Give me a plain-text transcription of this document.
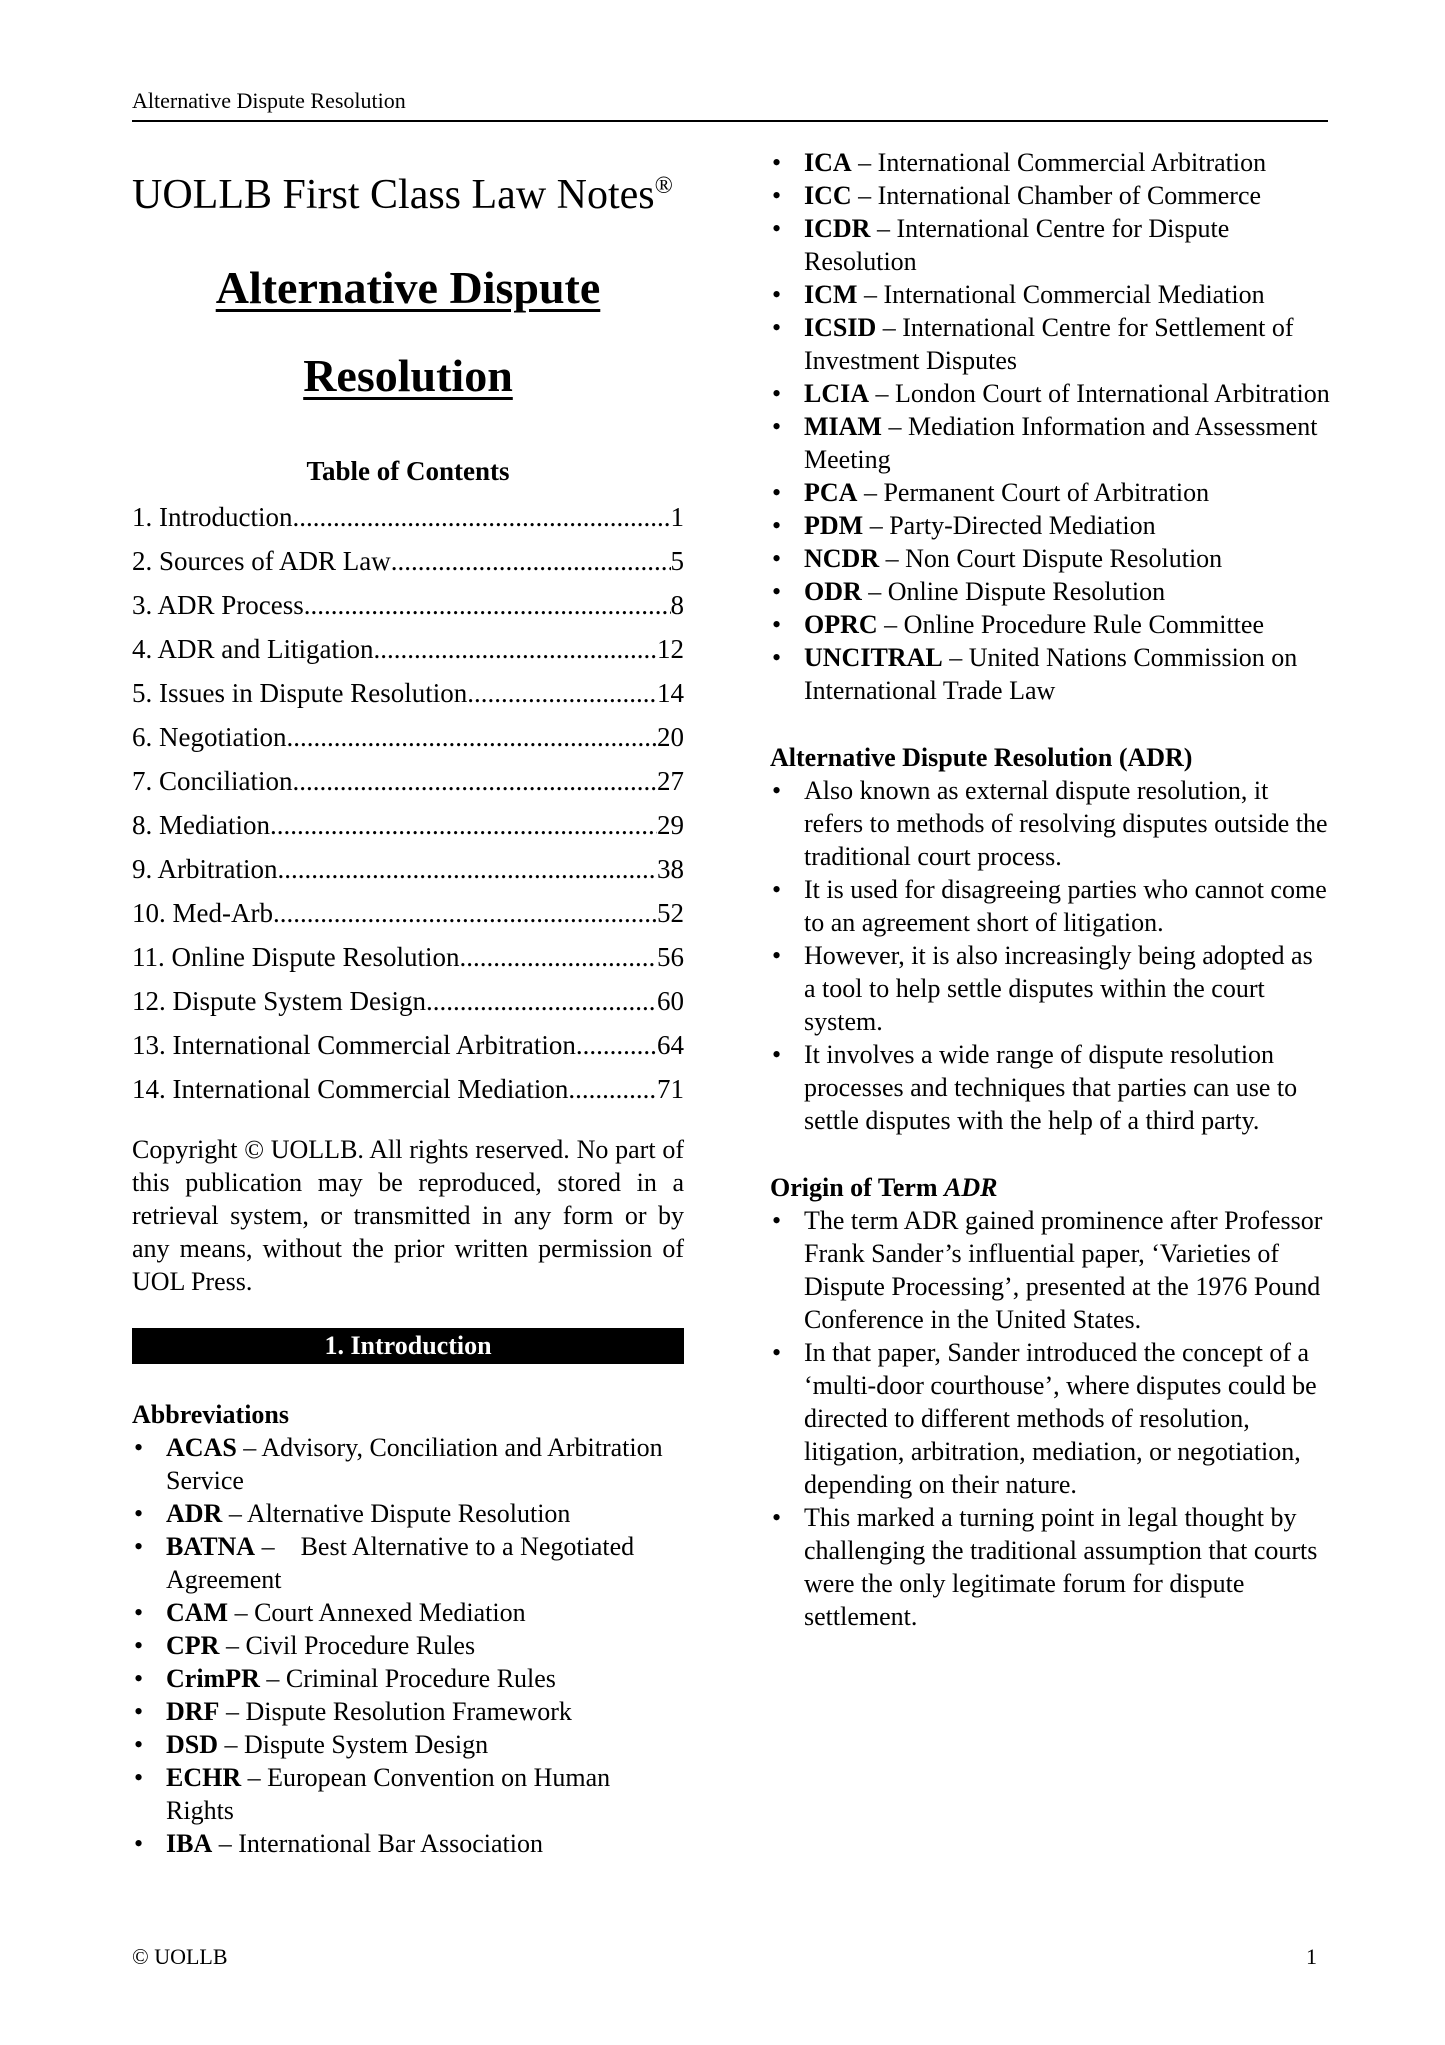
Alternative Dispute Resolution
UOLLB First Class Law Notes®
Alternative Dispute
Resolution
Table of Contents
1. Introduction .....	1
2. Sources of ADR Law .....	5
3. ADR Process .....	8
4. ADR and Litigation .....	12
5. Issues in Dispute Resolution .....	14
6. Negotiation .....	20
7. Conciliation .....	27
8. Mediation .....	29
9. Arbitration .....	38
10. Med-Arb .....	52
11. Online Dispute Resolution .....	56
12. Dispute System Design .....	60
13. International Commercial Arbitration .....	64
14. International Commercial Mediation .....	71
Copyright © UOLLB. All rights reserved. No part of this publication may be reproduced, stored in a retrieval system, or transmitted in any form or by any means, without the prior written permission of UOL Press.
1. Introduction
Abbreviations
• ACAS – Advisory, Conciliation and Arbitration Service
• ADR – Alternative Dispute Resolution
• BATNA –    Best Alternative to a Negotiated Agreement
• CAM – Court Annexed Mediation
• CPR – Civil Procedure Rules
• CrimPR – Criminal Procedure Rules
• DRF – Dispute Resolution Framework
• DSD – Dispute System Design
• ECHR – European Convention on Human Rights
• IBA – International Bar Association
• ICA – International Commercial Arbitration
• ICC – International Chamber of Commerce
• ICDR – International Centre for Dispute Resolution
• ICM – International Commercial Mediation
• ICSID – International Centre for Settlement of Investment Disputes
• LCIA – London Court of International Arbitration
• MIAM – Mediation Information and Assessment Meeting
• PCA – Permanent Court of Arbitration
• PDM – Party-Directed Mediation
• NCDR – Non Court Dispute Resolution
• ODR – Online Dispute Resolution
• OPRC – Online Procedure Rule Committee
• UNCITRAL – United Nations Commission on International Trade Law
Alternative Dispute Resolution (ADR)
• Also known as external dispute resolution, it refers to methods of resolving disputes outside the traditional court process.
• It is used for disagreeing parties who cannot come to an agreement short of litigation.
• However, it is also increasingly being adopted as a tool to help settle disputes within the court system.
• It involves a wide range of dispute resolution processes and techniques that parties can use to settle disputes with the help of a third party.
Origin of Term ADR
• The term ADR gained prominence after Professor Frank Sander’s influential paper, ‘Varieties of Dispute Processing’, presented at the 1976 Pound Conference in the United States.
• In that paper, Sander introduced the concept of a ‘multi-door courthouse’, where disputes could be directed to different methods of resolution, litigation, arbitration, mediation, or negotiation, depending on their nature.
• This marked a turning point in legal thought by challenging the traditional assumption that courts were the only legitimate forum for dispute settlement.
© UOLLB	1
